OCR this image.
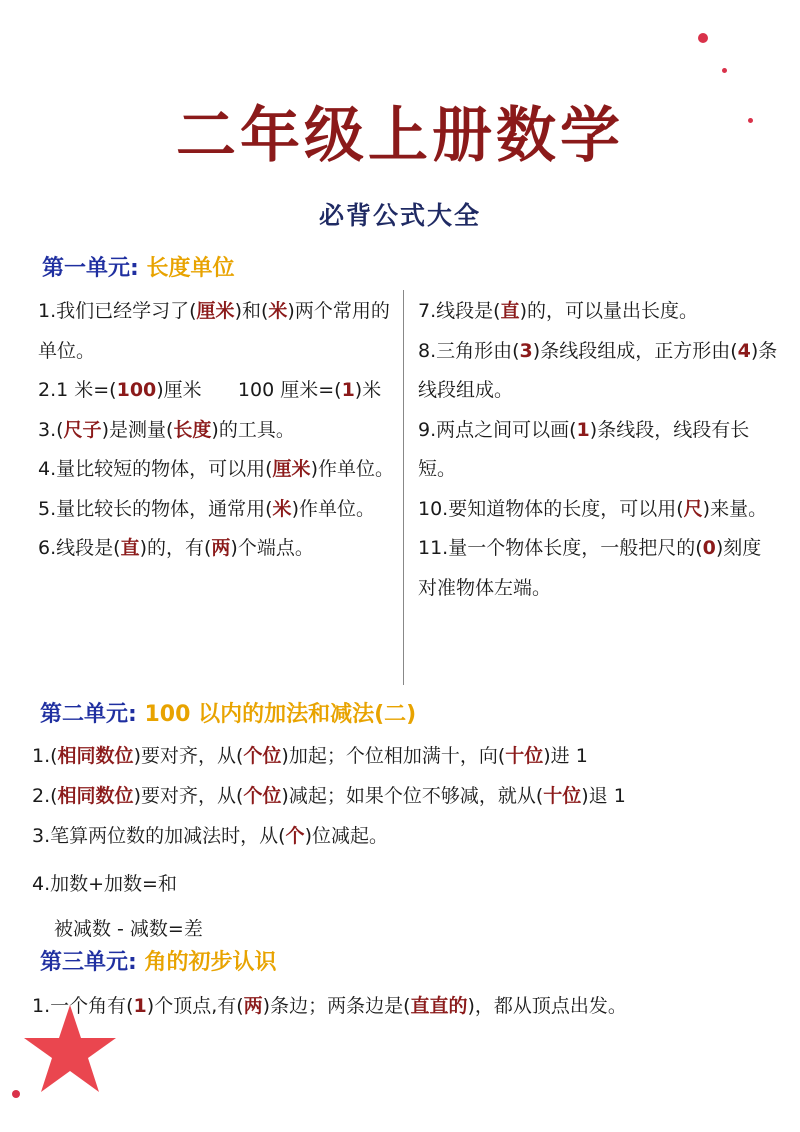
二年级上册数学
必背公式大全
第一单元: 长度单位

1.我们已经学习了(厘米)和(米)两个常用的单位。

2.1 米=(100)厘米      100 厘米=(1)米

3.(尺子)是测量(长度)的工具。

4.量比较短的物体，可以用(厘米)作单位。

5.量比较长的物体，通常用(米)作单位。

6.线段是(直)的，有(两)个端点。

7.线段是(直)的，可以量出长度。

8.三角形由(3)条线段组成，正方形由(4)条线段组成。

9.两点之间可以画(1)条线段，线段有长短。

10.要知道物体的长度，可以用(尺)来量。

11.量一个物体长度，一般把尺的(0)刻度对准物体左端。

第二单元: 100 以内的加法和减法(二)

1.(相同数位)要对齐，从(个位)加起；个位相加满十，向(十位)进 1

2.(相同数位)要对齐，从(个位)减起；如果个位不够减，就从(十位)退 1

3.笔算两位数的加减法时，从(个)位减起。

4.加数+加数=和

被减数 - 减数=差

第三单元: 角的初步认识

1.一个角有(1)个顶点,有(两)条边；两条边是(直直的)，都从顶点出发。
